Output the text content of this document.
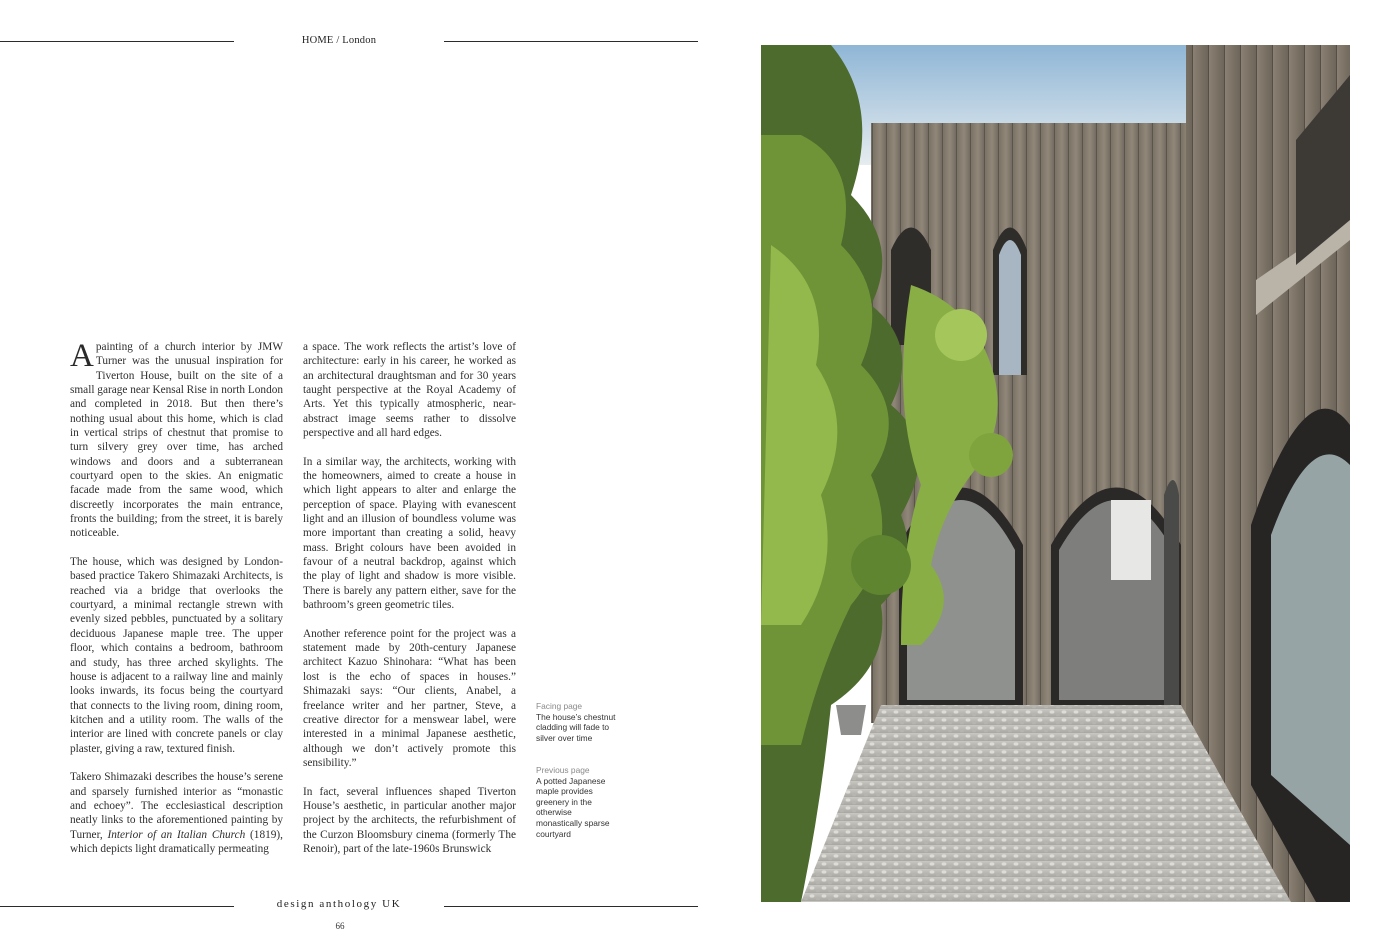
HOME / London

A painting of a church interior by JMW Turner was the unusual inspiration for Tiverton House, built on the site of a small garage near Kensal Rise in north London and completed in 2018. But then there’s nothing usual about this home, which is clad in vertical strips of chestnut that promise to turn silvery grey over time, has arched windows and doors and a subterranean courtyard open to the skies. An enigmatic facade made from the same wood, which discreetly incorporates the main entrance, fronts the building; from the street, it is barely noticeable.

The house, which was designed by London-based practice Takero Shimazaki Architects, is reached via a bridge that overlooks the courtyard, a minimal rectangle strewn with evenly sized pebbles, punctuated by a solitary deciduous Japanese maple tree. The upper floor, which contains a bedroom, bathroom and study, has three arched skylights. The house is adjacent to a railway line and mainly looks inwards, its focus being the courtyard that connects to the living room, dining room, kitchen and a utility room. The walls of the interior are lined with concrete panels or clay plaster, giving a raw, textured finish.

Takero Shimazaki describes the house’s serene and sparsely furnished interior as “monastic and echoey”. The ecclesiastical description neatly links to the aforementioned painting by Turner, Interior of an Italian Church (1819), which depicts light dramatically permeating

a space. The work reflects the artist’s love of architecture: early in his career, he worked as an architectural draughtsman and for 30 years taught perspective at the Royal Academy of Arts. Yet this typically atmospheric, near-abstract image seems rather to dissolve perspective and all hard edges.

In a similar way, the architects, working with the homeowners, aimed to create a house in which light appears to alter and enlarge the perception of space. Playing with evanescent light and an illusion of boundless volume was more important than creating a solid, heavy mass. Bright colours have been avoided in favour of a neutral backdrop, against which the play of light and shadow is more visible. There is barely any pattern either, save for the bathroom’s green geometric tiles.

Another reference point for the project was a statement made by 20th-century Japanese architect Kazuo Shinohara: “What has been lost is the echo of spaces in houses.” Shimazaki says: “Our clients, Anabel, a freelance writer and her partner, Steve, a creative director for a menswear label, were interested in a minimal Japanese aesthetic, although we don’t actively promote this sensibility.”

In fact, several influences shaped Tiverton House’s aesthetic, in particular another major project by the architects, the refurbishment of the Curzon Bloomsbury cinema (formerly The Renoir), part of the late-1960s Brunswick

Facing page
The house’s chestnut cladding will fade to silver over time
Previous page
A potted Japanese maple provides greenery in the otherwise monastically sparse courtyard
design anthology UK
66
